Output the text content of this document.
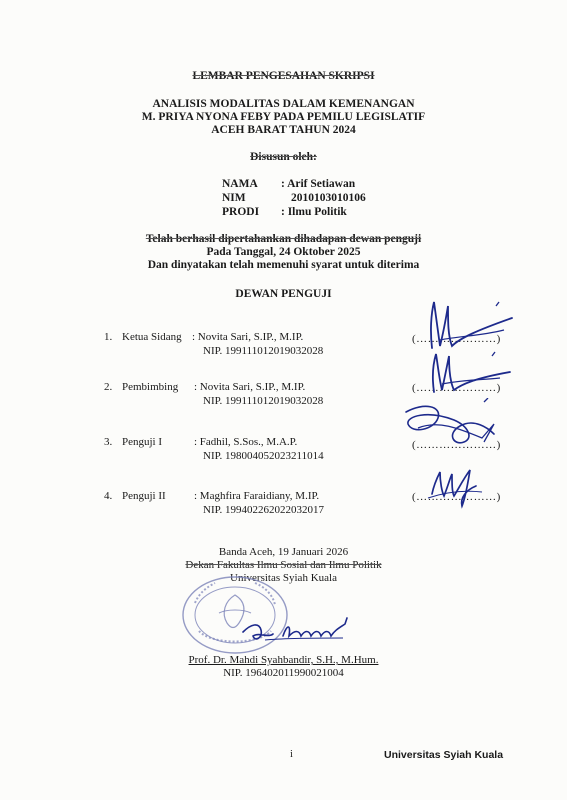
LEMBAR PENGESAHAN SKRIPSI
ANALISIS MODALITAS DALAM KEMENANGAN
M. PRIYA NYONA FEBY PADA PEMILU LEGISLATIF
ACEH BARAT TAHUN 2024
Disusun oleh:
NAMA : Arif Setiawan
NIM	2010103010106
PRODI : Ilmu Politik
Telah berhasil dipertahankan dihadapan dewan penguji
Pada Tanggal, 24 Oktober 2025
Dan dinyatakan telah memenuhi syarat untuk diterima
DEWAN PENGUJI
1. Ketua Sidang : Novita Sari, S.IP., M.IP.
NIP. 199111012019032028
(…………………)
2. Pembimbing : Novita Sari, S.IP., M.IP.
NIP. 199111012019032028
(…………………)
3. Penguji I	: Fadhil, S.Sos., M.A.P.
NIP. 198004052023211014
(…………………)
4. Penguji II	: Maghfira Faraidiany, M.IP.
NIP. 199402262022032017
(…………………)
Banda Aceh, 19 Januari 2026
Dekan Fakultas Ilmu Sosial dan Ilmu Politik
Universitas Syiah Kuala
Prof. Dr. Mahdi Syahbandir, S.H., M.Hum.
NIP. 196402011990021004
i	Universitas Syiah Kuala
